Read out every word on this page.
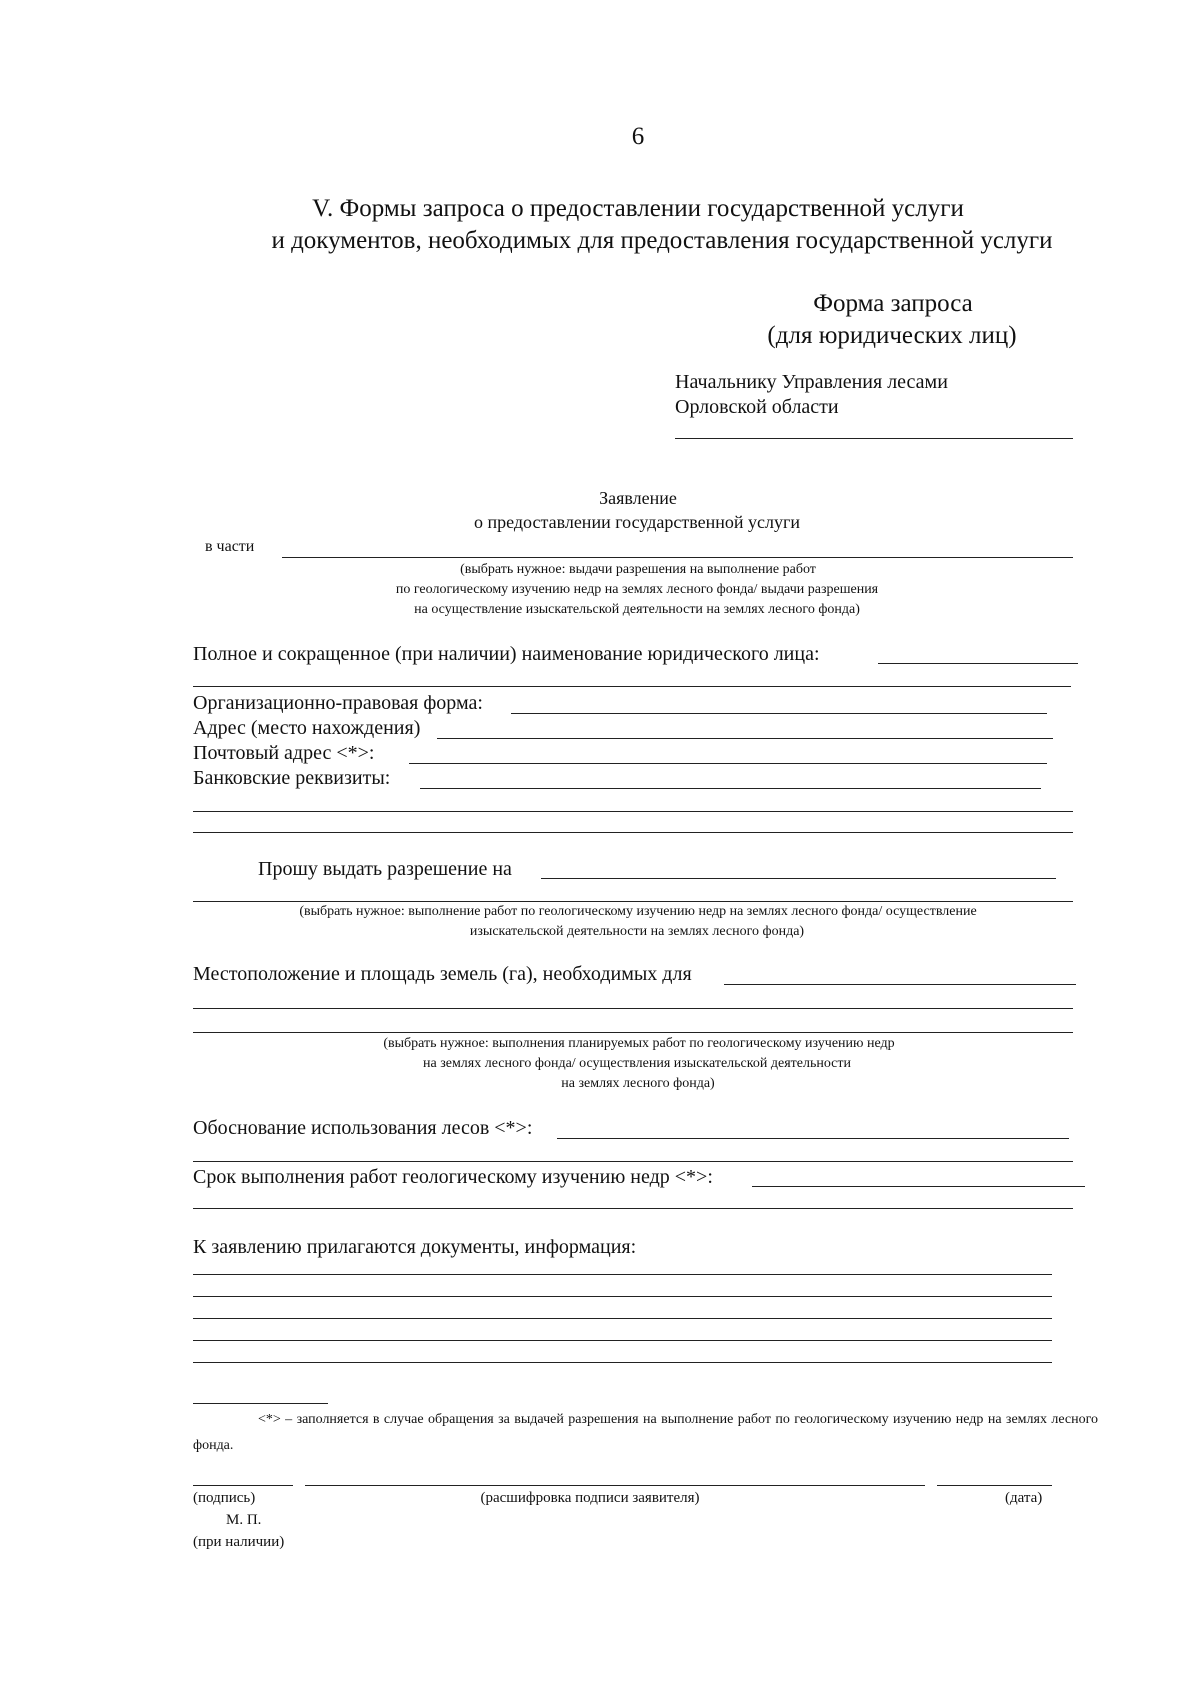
6
V. Формы запроса о предоставлении государственной услуги
и документов, необходимых для предоставления государственной услуги
Форма запроса
(для юридических лиц)
Начальнику Управления лесами
Орловской области
Заявление
о предоставлении государственной услуги
в части
(выбрать нужное: выдачи разрешения на выполнение работ
по геологическому изучению недр на землях лесного фонда/ выдачи разрешения
на осуществление изыскательской деятельности на землях лесного фонда)
Полное и сокращенное (при наличии) наименование юридического лица:
Организационно-правовая форма:
Адрес (место нахождения)
Почтовый адрес <*>:
Банковские реквизиты:
Прошу выдать разрешение на
(выбрать нужное: выполнение работ по геологическому изучению недр на землях лесного фонда/ осуществление
изыскательской деятельности на землях лесного фонда)
Местоположение и площадь земель (га), необходимых для
(выбрать нужное: выполнения планируемых работ по геологическому изучению недр
на землях лесного фонда/ осуществления изыскательской деятельности
на землях лесного фонда)
Обоснование использования лесов <*>:
Срок выполнения работ геологическому изучению недр <*>:
К заявлению прилагаются документы, информация:
<*> – заполняется в случае обращения за выдачей разрешения на выполнение работ по геологическому изучению недр на землях лесного фонда.
(подпись)	(расшифровка подписи заявителя)	(дата)
М. П.
(при наличии)
